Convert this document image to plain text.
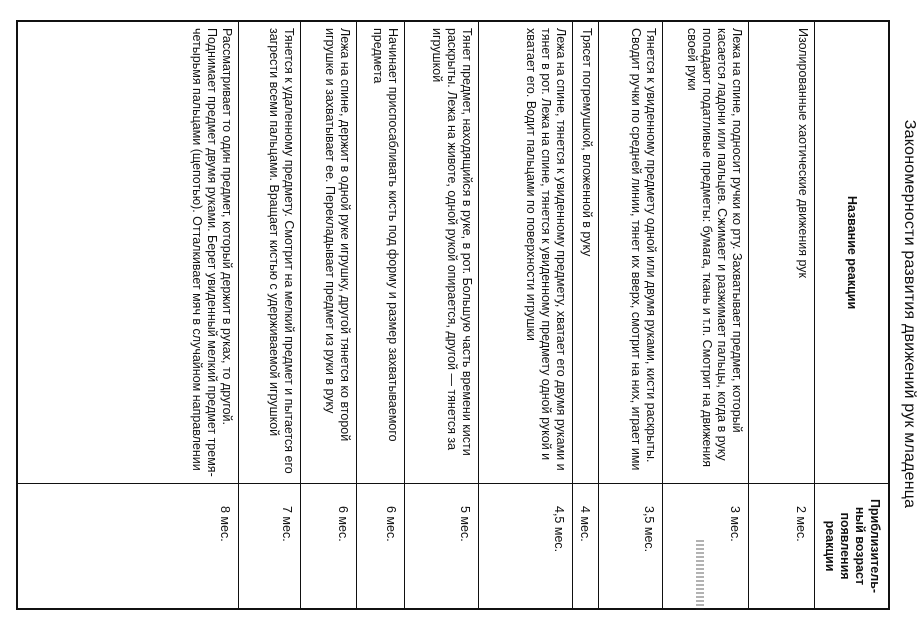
Закономерности развития движений рук младенца
Название реакции
Приблизитель-ный возраст появления реакции
Изолированные хаотические движения рук
2 мес.
Лежа на спине, подносит ручки ко рту. Захватывает предмет, который касается ладони или пальцев. Сжимает и разжимает пальцы, когда в руку попадают податливые предметы: бумага, ткань и т.п. Смотрит на движения своей руки
3 мес.
Тянется к увиденному предмету одной или двумя руками, кисти раскрыты. Сводит ручки по средней линии, тянет их вверх, смотрит на них, играет ими
3,5 мес.
Трясет погремушкой, вложенной в руку
4 мес.
Лежа на спине, тянется к увиденному предмету, хватает его двумя руками и тянет в рот. Лежа на спине, тянется к увиденному предмету одной рукой и хватает его. Водит пальцами по поверхности игрушки
4,5 мес.
Тянет предмет, находящийся в руке, в рот. Большую часть времени кисти раскрыты. Лежа на животе, одной рукой опирается, другой — тянется за игрушкой
5 мес.
Начинает приспосабливать кисть под форму и размер захватываемого предмета
6 мес.
Лежа на спине, держит в одной руке игрушку, другой тянется ко второй игрушке и захватывает ее. Перекладывает предмет из руки в руку
6 мес.
Тянется к удаленному предмету. Смотрит на мелкий предмет и пытается его загрести всеми пальцами. Вращает кистью с удерживаемой игрушкой
7 мес.
Рассматривает то один предмет, который держит в руках, то другой. Поднимает предмет двумя руками. Берет увиденный мелкий предмет тремя-четырьмя пальцами (щепотью). Отталкивает мяч в случайном направлении
8 мес.
